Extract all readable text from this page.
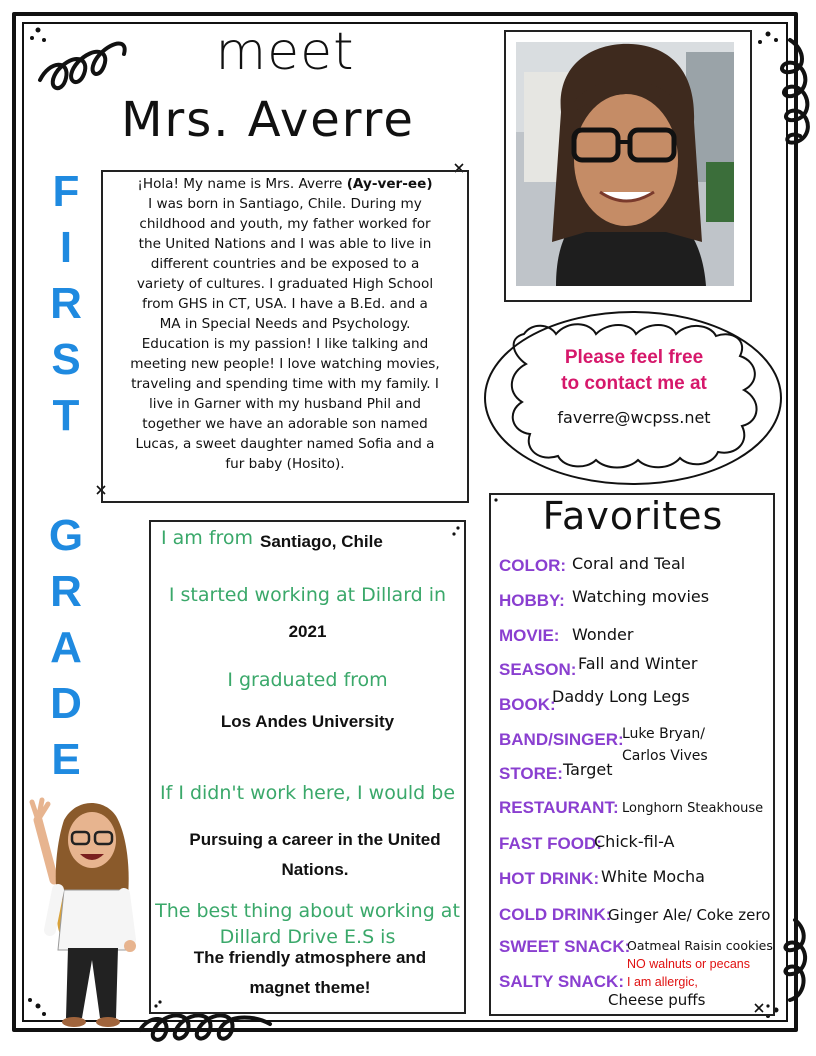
meet
Mrs. Averre
F
I
R
S
T
G
R
A
D
E
¡Hola! My name is Mrs. Averre (Ay-ver-ee)
I was born in Santiago, Chile. During my
childhood and youth, my father worked for
the United Nations and I was able to live in
different countries and be exposed to a
variety of cultures. I graduated High School
from GHS in CT, USA. I have a B.Ed. and a
MA in Special Needs and Psychology.
Education is my passion! I like talking and
meeting new people! I love watching movies,
traveling and spending time with my family. I
live in Garner with my husband Phil and
together we have an adorable son named
Lucas, a sweet daughter named Sofia and a
fur baby (Hosito).
Please feel free
to contact me at
faverre@wcpss.net
I am from Santiago, Chile
I started working at Dillard in
2021
I graduated from
Los Andes University
If I didn't work here, I would be
Pursuing a career in the United
Nations.
The best thing about working at
Dillard Drive E.S is
The friendly atmosphere and
magnet theme!
Favorites
COLOR: Coral and Teal
HOBBY: Watching movies
MOVIE: Wonder
SEASON: Fall and Winter
BOOK:
Daddy Long Legs
BAND/SINGER:
Luke Bryan/
Carlos Vives
STORE: Target
RESTAURANT: Longhorn Steakhouse
FAST FOOD:
Chick-fil-A
HOT DRINK: White Mocha
COLD DRINK:
Ginger Ale/ Coke zero
SWEET SNACK:
Oatmeal Raisin cookies
NO walnuts or pecans
SALTY SNACK: I am allergic,
Cheese puffs
